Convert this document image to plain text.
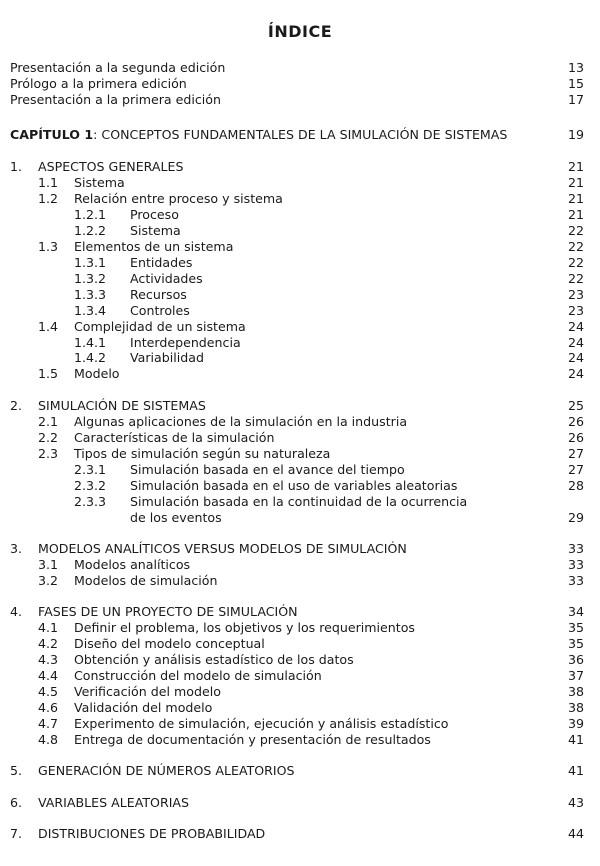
ÍNDICE
Presentación a la segunda edición	13
Prólogo a la primera edición	15
Presentación a la primera edición	17
CAPÍTULO 1: CONCEPTOS FUNDAMENTALES DE LA SIMULACIÓN DE SISTEMAS	19
1. ASPECTOS GENERALES	21
1.1 Sistema	21
1.2 Relación entre proceso y sistema	21
1.2.1 Proceso	21
1.2.2 Sistema	22
1.3 Elementos de un sistema	22
1.3.1 Entidades	22
1.3.2 Actividades	22
1.3.3 Recursos	23
1.3.4 Controles	23
1.4 Complejidad de un sistema	24
1.4.1 Interdependencia	24
1.4.2 Variabilidad	24
1.5 Modelo	24
2. SIMULACIÓN DE SISTEMAS	25
2.1 Algunas aplicaciones de la simulación en la industria	26
2.2 Características de la simulación	26
2.3 Tipos de simulación según su naturaleza	27
2.3.1 Simulación basada en el avance del tiempo	27
2.3.2 Simulación basada en el uso de variables aleatorias	28
2.3.3 Simulación basada en la continuidad de la ocurrencia
de los eventos	29
3. MODELOS ANALÍTICOS VERSUS MODELOS DE SIMULACIÓN	33
3.1 Modelos analíticos	33
3.2 Modelos de simulación	33
4. FASES DE UN PROYECTO DE SIMULACIÓN	34
4.1 Definir el problema, los objetivos y los requerimientos	35
4.2 Diseño del modelo conceptual	35
4.3 Obtención y análisis estadístico de los datos	36
4.4 Construcción del modelo de simulación	37
4.5 Verificación del modelo	38
4.6 Validación del modelo	38
4.7 Experimento de simulación, ejecución y análisis estadístico	39
4.8 Entrega de documentación y presentación de resultados	41
5. GENERACIÓN DE NÚMEROS ALEATORIOS	41
6. VARIABLES ALEATORIAS	43
7. DISTRIBUCIONES DE PROBABILIDAD	44
